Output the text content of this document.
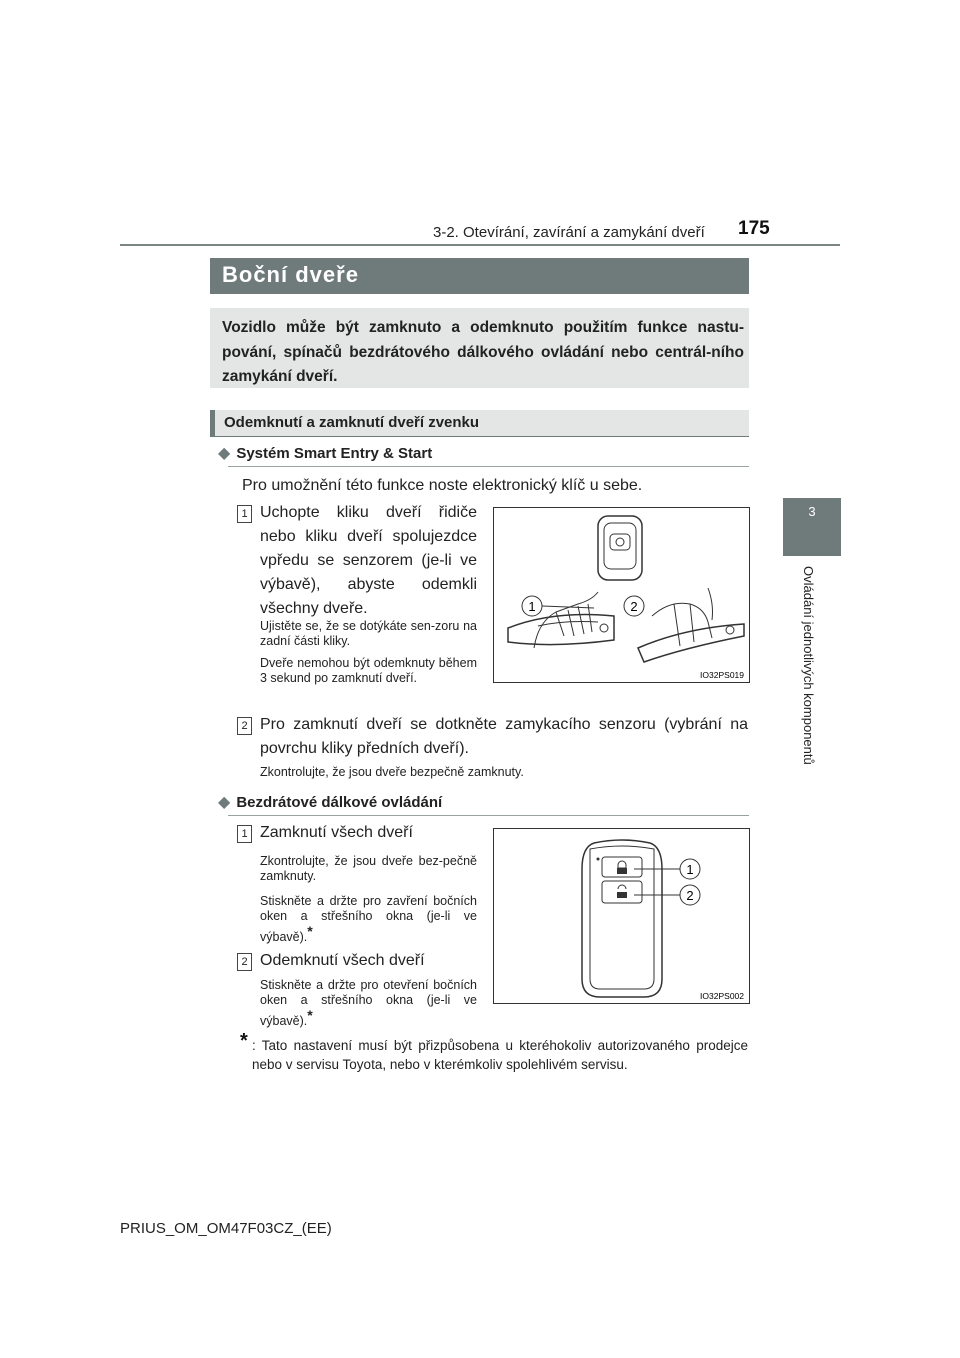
3-2. Otevírání, zavírání a zamykání dveří 175
3
Ovládání jednotlivých komponentů
Boční dveře
Vozidlo může být zamknuto a odemknuto použitím funkce nastu-pování, spínačů bezdrátového dálkového ovládání nebo centrál-ního zamykání dveří.
Odemknutí a zamknutí dveří zvenku
◆ Systém Smart Entry & Start
Pro umožnění této funkce noste elektronický klíč u sebe.
1 Uchopte kliku dveří řidiče nebo kliku dveří spolujezdce vpředu se senzorem (je-li ve výbavě), abyste odemkli všechny dveře.
Ujistěte se, že se dotýkáte sen-zoru na zadní části kliky.
Dveře nemohou být odemknuty během 3 sekund po zamknutí dveří.
1	2
IO32PS019
2 Pro zamknutí dveří se dotkněte zamykacího senzoru (vybrání na povrchu kliky předních dveří).
Zkontrolujte, že jsou dveře bezpečně zamknuty.
◆ Bezdrátové dálkové ovládání
1 Zamknutí všech dveří
Zkontrolujte, že jsou dveře bez-pečně zamknuty.
Stiskněte a držte pro zavření bočních oken a střešního okna (je-li ve výbavě).*
2 Odemknutí všech dveří
Stiskněte a držte pro otevření bočních oken a střešního okna (je-li ve výbavě).*
1
2
IO32PS002
* : Tato nastavení musí být přizpůsobena u kteréhokoliv autorizovaného prodejce nebo v servisu Toyota, nebo v kterémkoliv spolehlivém servisu.
PRIUS_OM_OM47F03CZ_(EE)
